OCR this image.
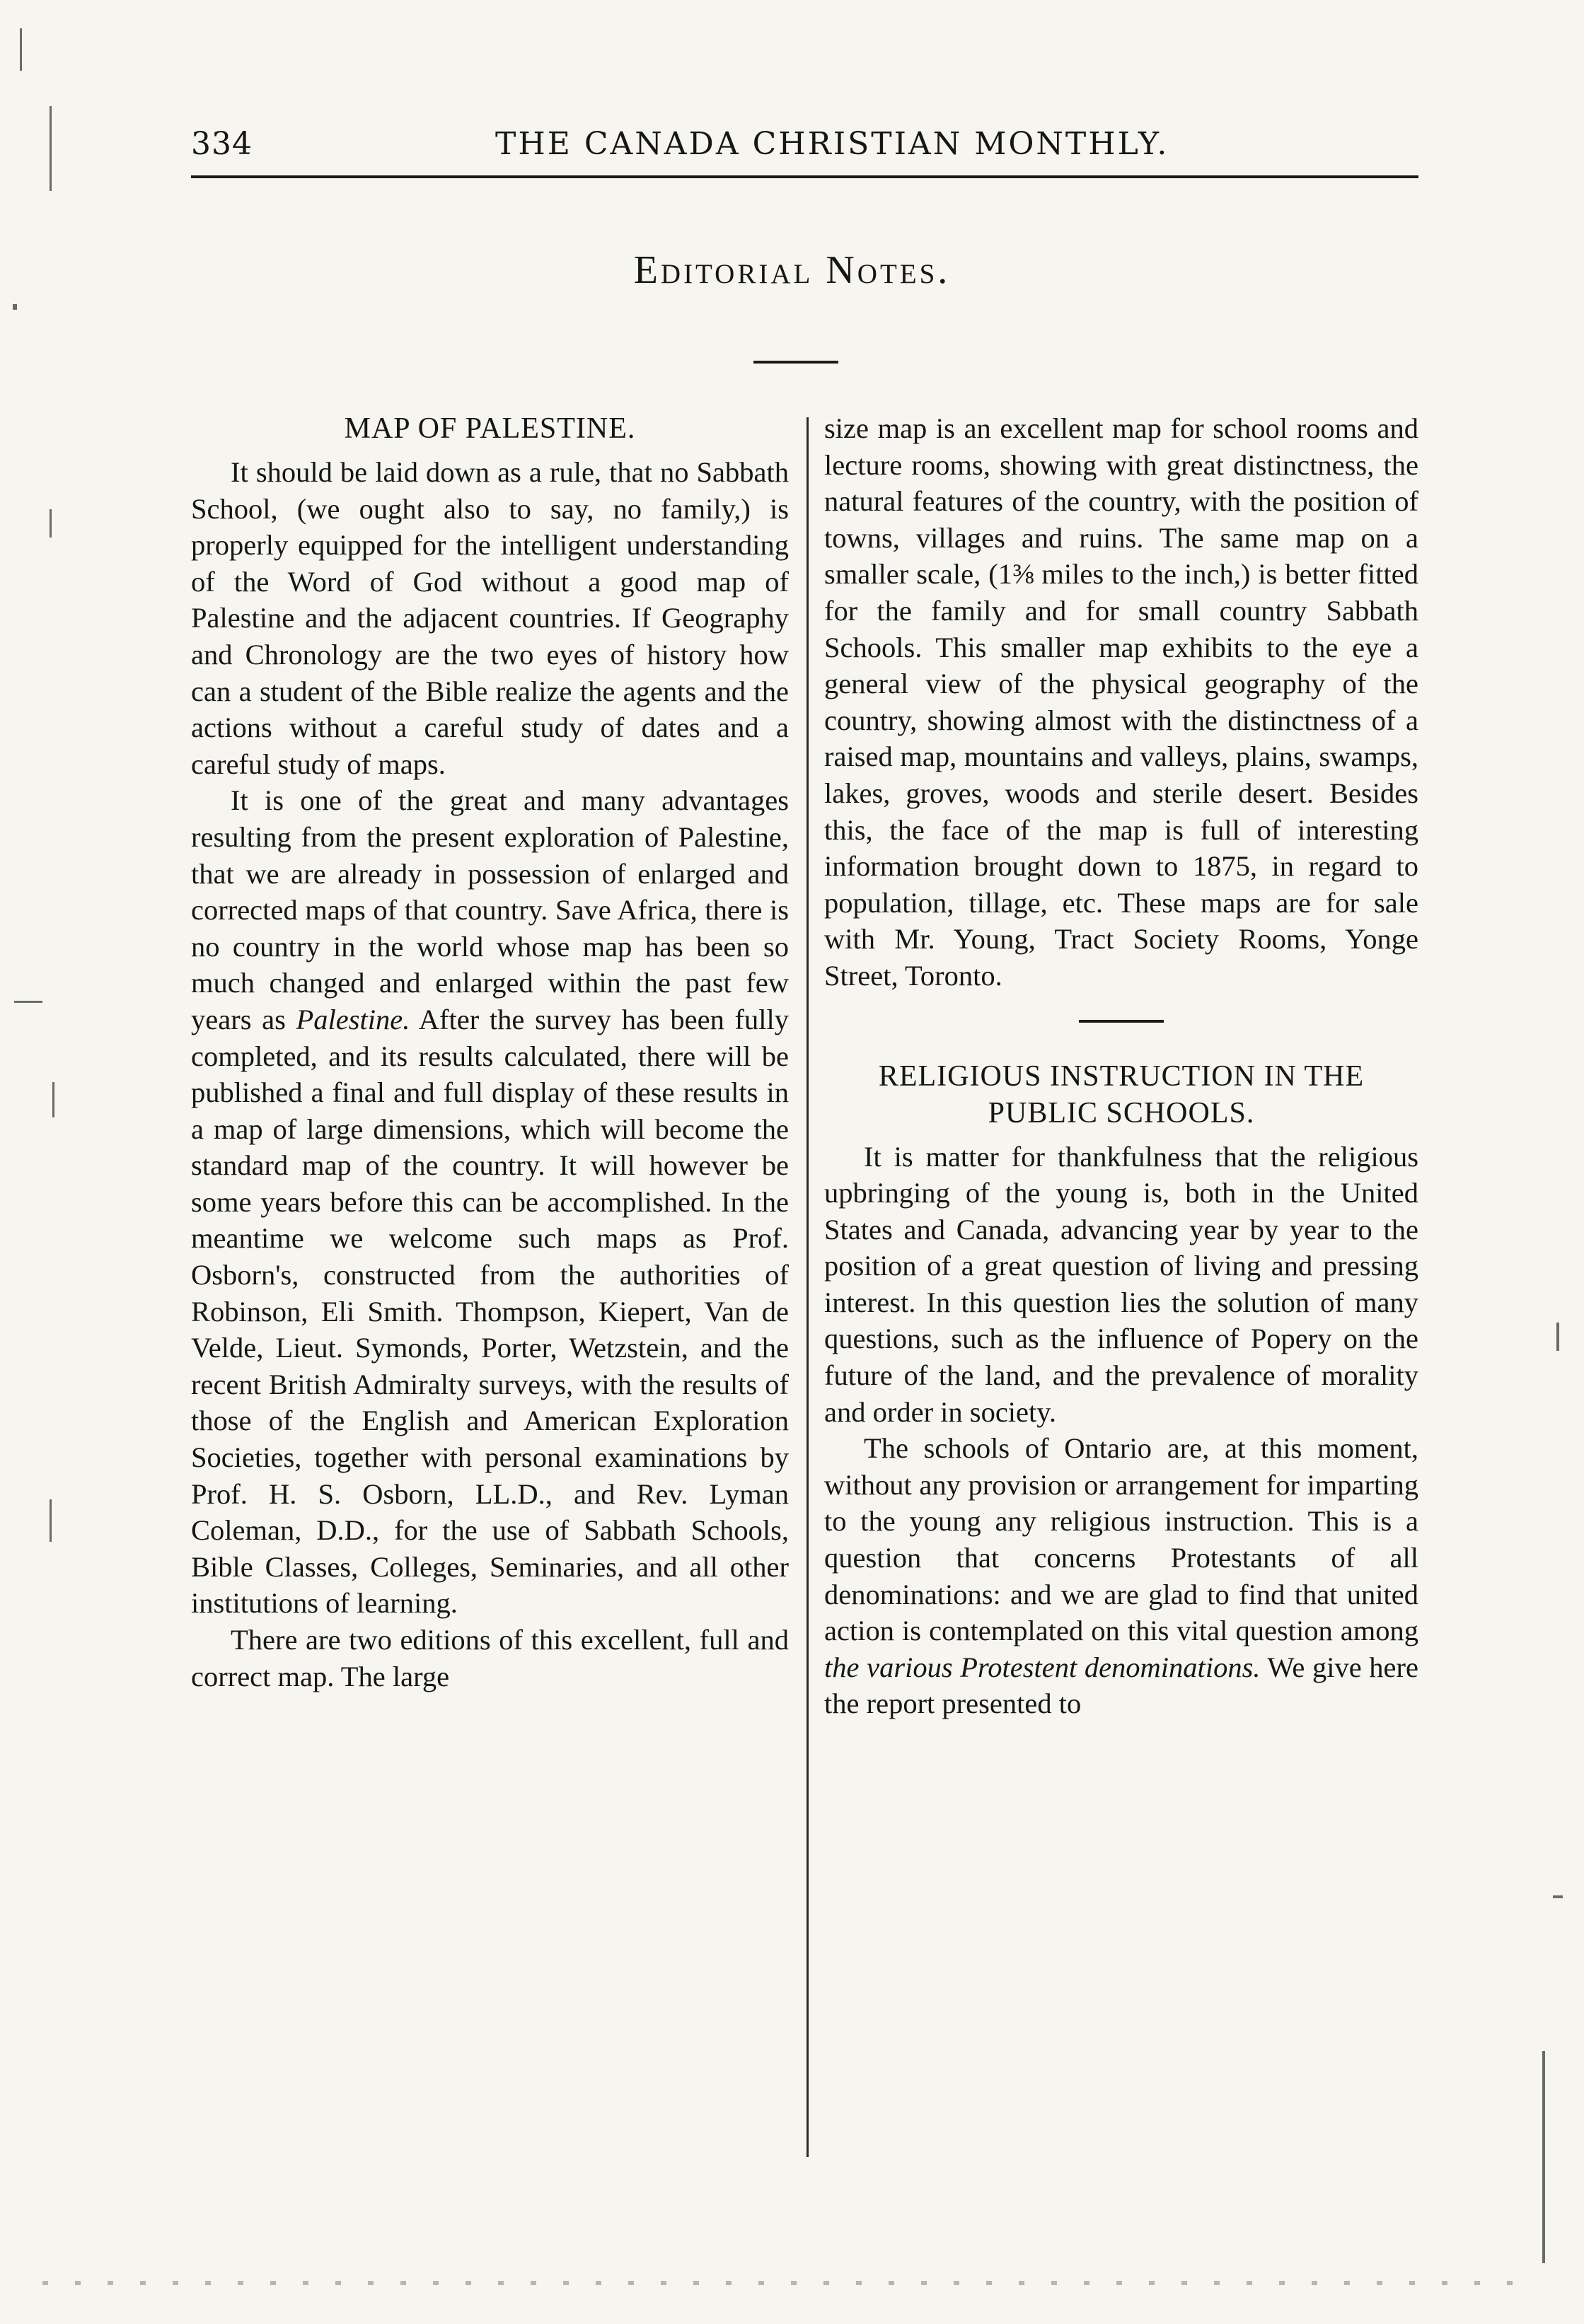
334	THE CANADA CHRISTIAN MONTHLY.
Editorial Notes.
MAP OF PALESTINE.

It should be laid down as a rule, that no Sabbath School, (we ought also to say, no family,) is properly equipped for the intelligent understanding of the Word of God without a good map of Palestine and the adjacent countries. If Geography and Chronology are the two eyes of history how can a student of the Bible realize the agents and the actions without a careful study of dates and a careful study of maps.

It is one of the great and many advantages resulting from the present exploration of Palestine, that we are already in possession of enlarged and corrected maps of that country. Save Africa, there is no country in the world whose map has been so much changed and enlarged within the past few years as Palestine. After the survey has been fully completed, and its results calculated, there will be published a final and full display of these results in a map of large dimensions, which will become the standard map of the country. It will however be some years before this can be accomplished. In the meantime we welcome such maps as Prof. Osborn's, constructed from the authorities of Robinson, Eli Smith. Thompson, Kiepert, Van de Velde, Lieut. Symonds, Porter, Wetzstein, and the recent British Admiralty surveys, with the results of those of the English and American Exploration Societies, together with personal examinations by Prof. H. S. Osborn, LL.D., and Rev. Lyman Coleman, D.D., for the use of Sabbath Schools, Bible Classes, Colleges, Seminaries, and all other institutions of learning.

There are two editions of this excellent, full and correct map. The large

size map is an excellent map for school rooms and lecture rooms, showing with great distinctness, the natural features of the country, with the position of towns, villages and ruins. The same map on a smaller scale, (1⅜ miles to the inch,) is better fitted for the family and for small country Sabbath Schools. This smaller map exhibits to the eye a general view of the physical geography of the country, showing almost with the distinctness of a raised map, mountains and valleys, plains, swamps, lakes, groves, woods and sterile desert. Besides this, the face of the map is full of interesting information brought down to 1875, in regard to population, tillage, etc. These maps are for sale with Mr. Young, Tract Society Rooms, Yonge Street, Toronto.

RELIGIOUS INSTRUCTION IN THE PUBLIC SCHOOLS.

It is matter for thankfulness that the religious upbringing of the young is, both in the United States and Canada, advancing year by year to the position of a great question of living and pressing interest. In this question lies the solution of many questions, such as the influence of Popery on the future of the land, and the prevalence of morality and order in society.

The schools of Ontario are, at this moment, without any provision or arrangement for imparting to the young any religious instruction. This is a question that concerns Protestants of all denominations: and we are glad to find that united action is contemplated on this vital question among the various Protestent denominations. We give here the report presented to
